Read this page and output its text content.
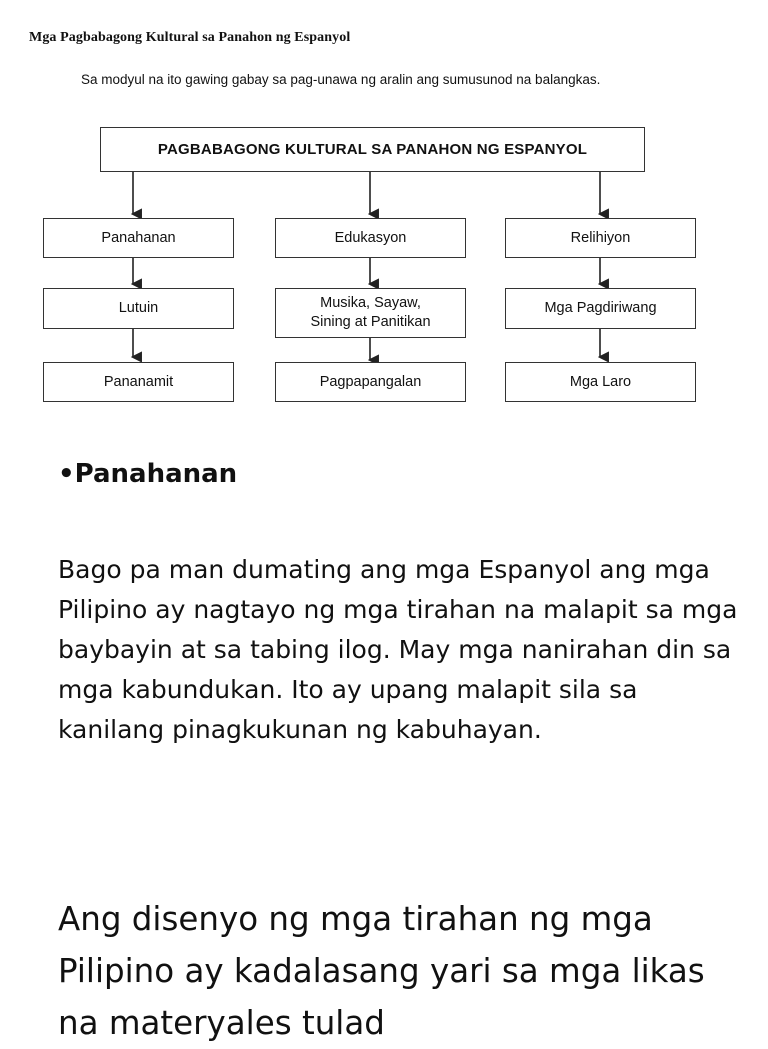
Mga Pagbabagong Kultural sa Panahon ng Espanyol
Sa modyul na ito gawing gabay sa pag-unawa ng aralin ang sumusunod na balangkas.
PAGBABAGONG KULTURAL SA PANAHON NG ESPANYOL
Panahanan	Edukasyon	Relihiyon
Lutuin	Musika, Sayaw,
Sining at Panitikan
Mga Pagdiriwang
Pananamit	Pagpapangalan	Mga Laro
•Panahanan
Bago pa man dumating ang mga Espanyol ang mga Pilipino ay nagtayo ng mga tirahan na malapit sa mga baybayin at sa tabing ilog. May mga nanirahan din sa mga kabundukan. Ito ay upang malapit sila sa kanilang pinagkukunan ng kabuhayan.
Ang disenyo ng mga tirahan ng mga Pilipino ay kadalasang yari sa mga likas na materyales tulad
